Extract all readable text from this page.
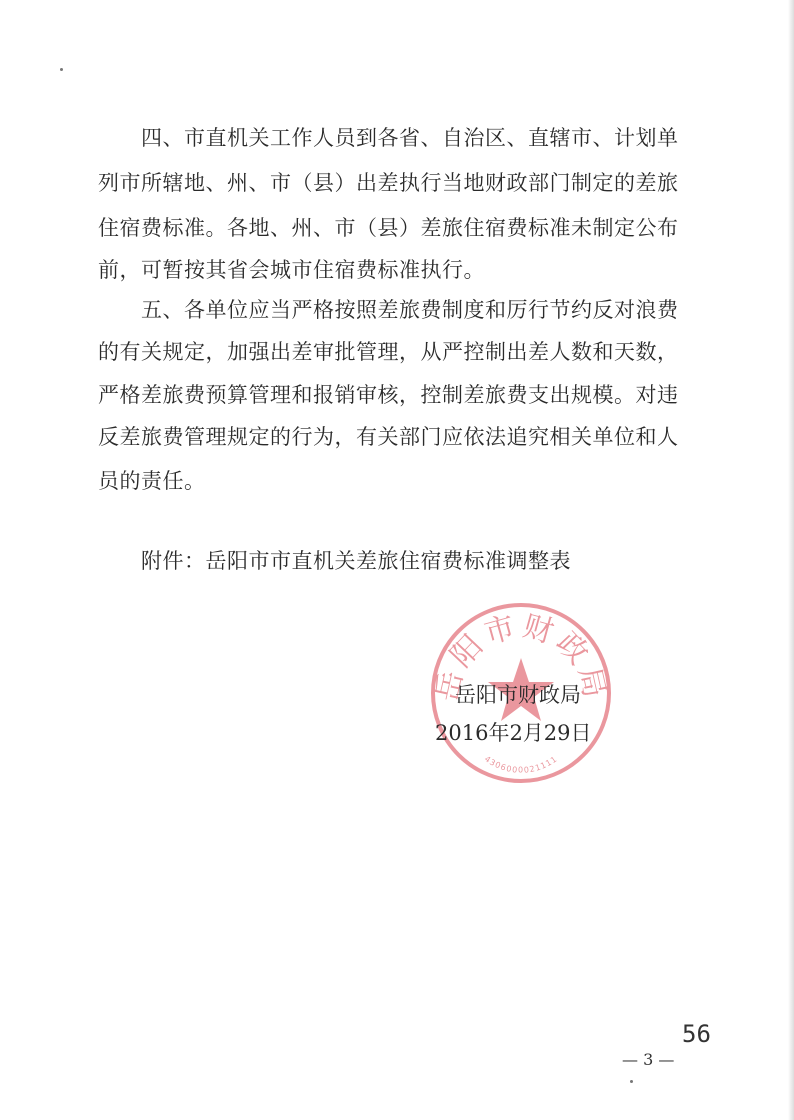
四、市直机关工作人员到各省、自治区、直辖市、计划单
列市所辖地、州、市（县）出差执行当地财政部门制定的差旅
住宿费标准。各地、州、市（县）差旅住宿费标准未制定公布
前，可暂按其省会城市住宿费标准执行。
五、各单位应当严格按照差旅费制度和厉行节约反对浪费
的有关规定，加强出差审批管理，从严控制出差人数和天数，
严格差旅费预算管理和报销审核，控制差旅费支出规模。对违
反差旅费管理规定的行为，有关部门应依法追究相关单位和人
员的责任。
附件：岳阳市市直机关差旅住宿费标准调整表
岳阳市财政局
4306000021111
岳阳市财政局
2016年2月29日
56
— 3 —
